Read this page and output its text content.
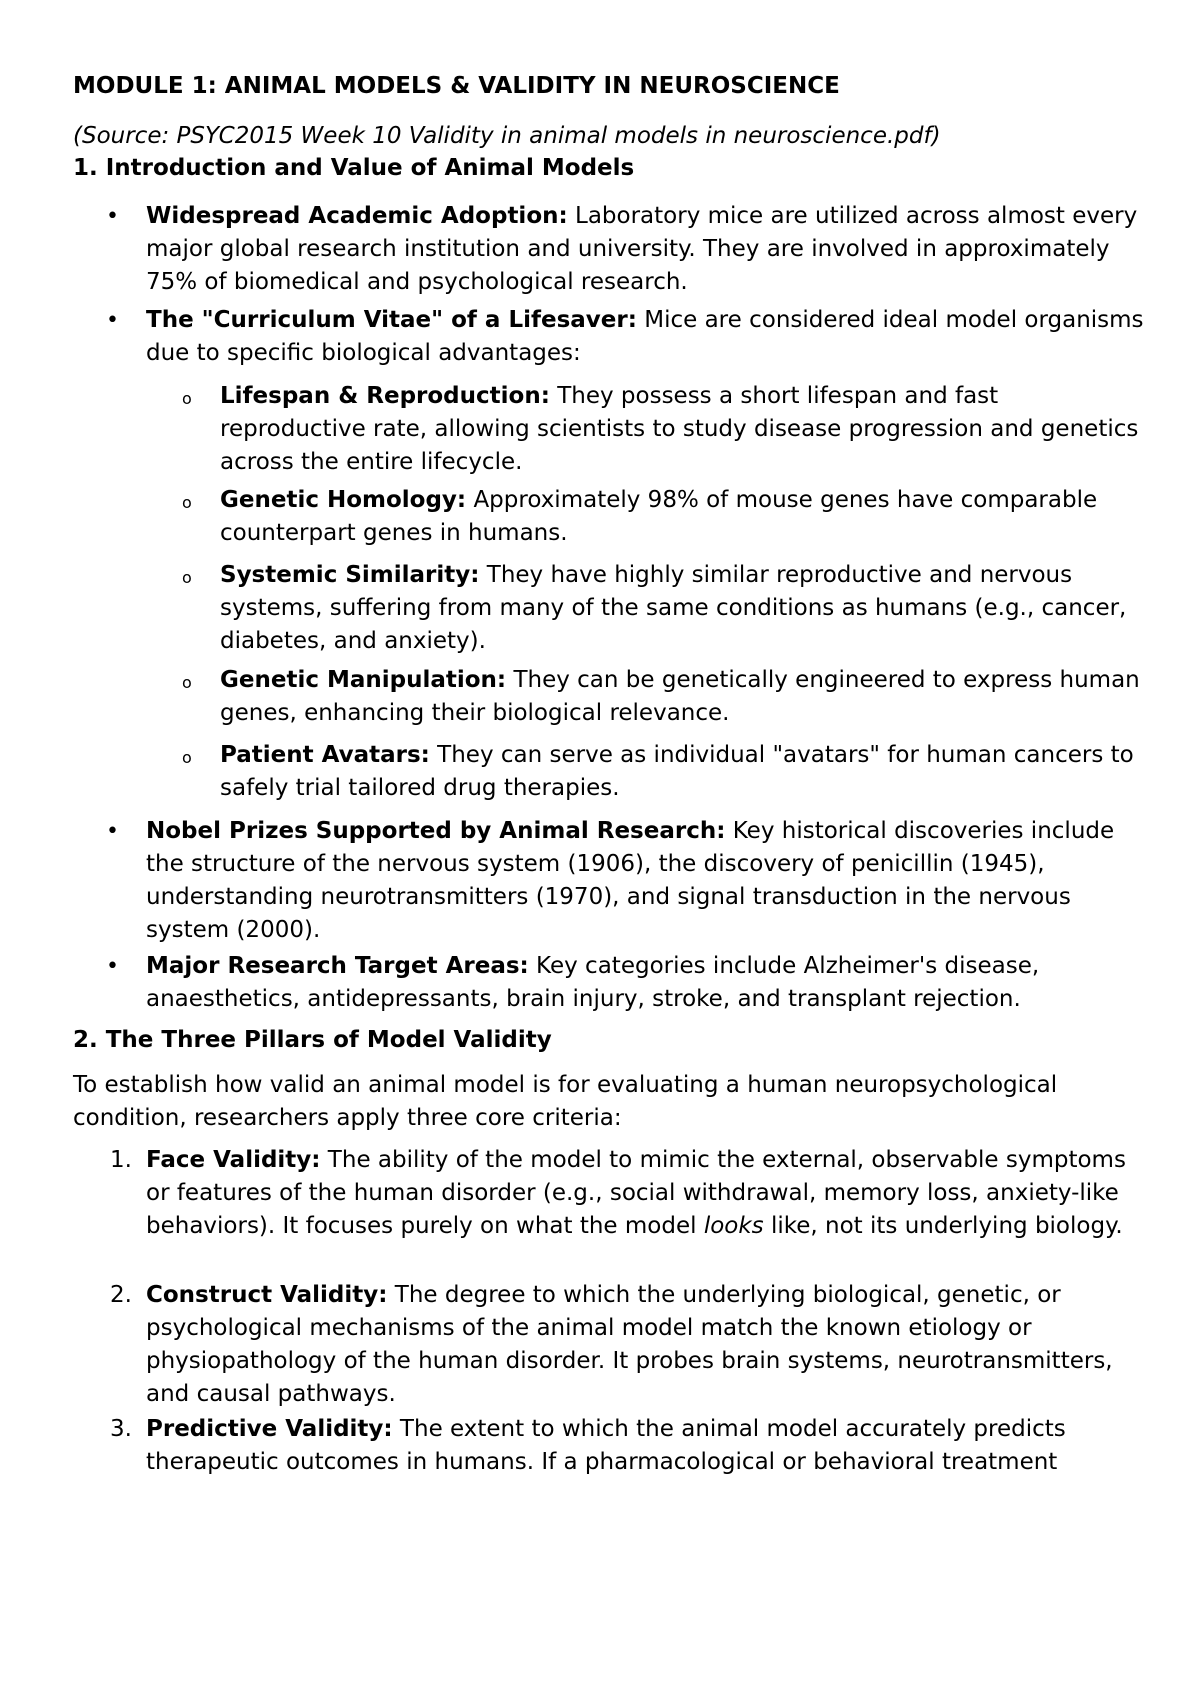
MODULE 1: ANIMAL MODELS & VALIDITY IN NEUROSCIENCE

(Source: PSYC2015 Week 10 Validity in animal models in neuroscience.pdf)

1. Introduction and Value of Animal Models

• Widespread Academic Adoption: Laboratory mice are utilized across almost every major global research institution and university. They are involved in approximately 75% of biomedical and psychological research.
• The "Curriculum Vitae" of a Lifesaver: Mice are considered ideal model organisms due to specific biological advantages:
o Lifespan & Reproduction: They possess a short lifespan and fast reproductive rate, allowing scientists to study disease progression and genetics across the entire lifecycle.
o Genetic Homology: Approximately 98% of mouse genes have comparable counterpart genes in humans.
o Systemic Similarity: They have highly similar reproductive and nervous systems, suffering from many of the same conditions as humans (e.g., cancer, diabetes, and anxiety).
o Genetic Manipulation: They can be genetically engineered to express human genes, enhancing their biological relevance.
o Patient Avatars: They can serve as individual "avatars" for human cancers to safely trial tailored drug therapies.
• Nobel Prizes Supported by Animal Research: Key historical discoveries include the structure of the nervous system (1906), the discovery of penicillin (1945), understanding neurotransmitters (1970), and signal transduction in the nervous system (2000).
• Major Research Target Areas: Key categories include Alzheimer's disease, anaesthetics, antidepressants, brain injury, stroke, and transplant rejection.

2. The Three Pillars of Model Validity

To establish how valid an animal model is for evaluating a human neuropsychological condition, researchers apply three core criteria:

1. Face Validity: The ability of the model to mimic the external, observable symptoms or features of the human disorder (e.g., social withdrawal, memory loss, anxiety-like behaviors). It focuses purely on what the model looks like, not its underlying biology.
2. Construct Validity: The degree to which the underlying biological, genetic, or psychological mechanisms of the animal model match the known etiology or physiopathology of the human disorder. It probes brain systems, neurotransmitters, and causal pathways.
3. Predictive Validity: The extent to which the animal model accurately predicts therapeutic outcomes in humans. If a pharmacological or behavioral treatment
